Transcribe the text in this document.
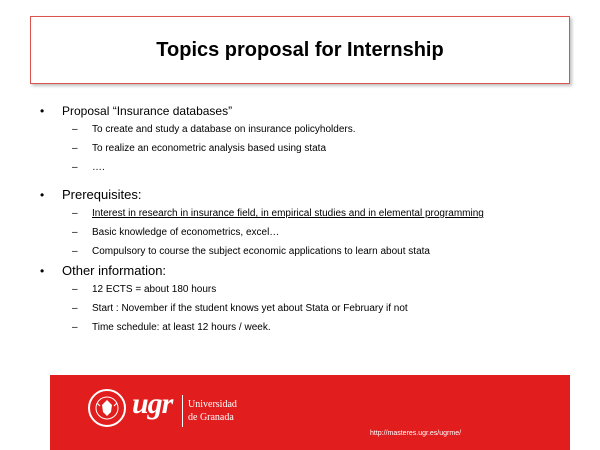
Topics proposal for Internship
•	Proposal “Insurance databases”
–	To create and study a database on insurance policyholders.
–	To realize an econometric analysis based using stata
–	….
•	Prerequisites:
–	Interest in research in insurance field, in empirical studies and in elemental programming
–	Basic knowledge of econometrics, excel…
–	Compulsory to course the subject economic applications to learn about stata
•	Other information:
–	12 ECTS = about 180 hours
–	Start : November if the student knows yet about Stata or February if not
–	Time schedule: at least 12 hours / week.
ugr Universidad
de Granada
http://masteres.ugr.es/ugrme/
